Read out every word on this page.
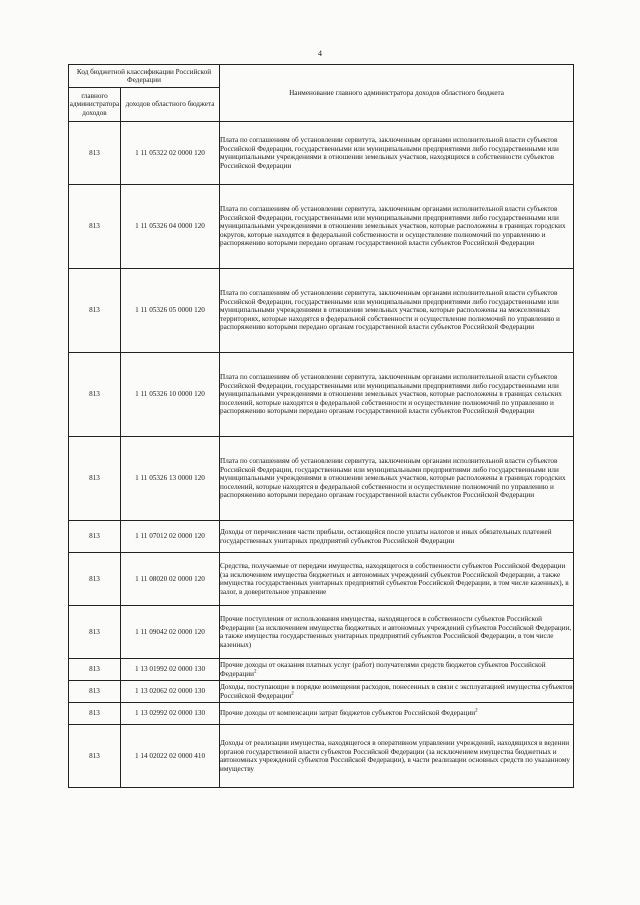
4
Код бюджетной классификации Российской Федерации		Наименование главного администратора доходов областного бюджета
главного администратора доходов	доходов областного бюджета	
813	1 11 05322 02 0000 120	Плата по соглашениям об установлении сервитута, заключенным органами исполнительной власти субъектов Российской Федерации, государственными или муниципальными предприятиями либо государственными или муниципальными учреждениями в отношении земельных участков, находящихся в собственности субъектов Российской Федерации
813	1 11 05326 04 0000 120	Плата по соглашениям об установлении сервитута, заключенным органами исполнительной власти субъектов Российской Федерации, государственными или муниципальными предприятиями либо государственными или муниципальными учреждениями в отношении земельных участков, которые расположены в границах городских округов, которые находятся в федеральной собственности и осуществление полномочий по управлению и распоряжению которыми передано органам государственной власти субъектов Российской Федерации
813	1 11 05326 05 0000 120	Плата по соглашениям об установлении сервитута, заключенным органами исполнительной власти субъектов Российской Федерации, государственными или муниципальными предприятиями либо государственными или муниципальными учреждениями в отношении земельных участков, которые расположены на межселенных территориях, которые находятся в федеральной собственности и осуществление полномочий по управлению и распоряжению которыми передано органам государственной власти субъектов Российской Федерации
813	1 11 05326 10 0000 120	Плата по соглашениям об установлении сервитута, заключенным органами исполнительной власти субъектов Российской Федерации, государственными или муниципальными предприятиями либо государственными или муниципальными учреждениями в отношении земельных участков, которые расположены в границах сельских поселений, которые находятся в федеральной собственности и осуществление полномочий по управлению и распоряжению которыми передано органам государственной власти субъектов Российской Федерации
813	1 11 05326 13 0000 120	Плата по соглашениям об установлении сервитута, заключенным органами исполнительной власти субъектов Российской Федерации, государственными или муниципальными предприятиями либо государственными или муниципальными учреждениями в отношении земельных участков, которые расположены в границах городских поселений, которые находятся в федеральной собственности и осуществление полномочий по управлению и распоряжению которыми передано органам государственной власти субъектов Российской Федерации
813	1 11 07012 02 0000 120	Доходы от перечисления части прибыли, остающейся после уплаты налогов и иных обязательных платежей государственных унитарных предприятий субъектов Российской Федерации
813	1 11 08020 02 0000 120	Средства, получаемые от передачи имущества, находящегося в собственности субъектов Российской Федерации (за исключением имущества бюджетных и автономных учреждений субъектов Российской Федерации, а также имущества государственных унитарных предприятий субъектов Российской Федерации, в том числе казенных), в залог, в доверительное управление
813	1 11 09042 02 0000 120	Прочие поступления от использования имущества, находящегося в собственности субъектов Российской Федерации (за исключением имущества бюджетных и автономных учреждений субъектов Российской Федерации, а также имущества государственных унитарных предприятий субъектов Российской Федерации, в том числе казенных)
813	1 13 01992 02 0000 130	Прочие доходы от оказания платных услуг (работ) получателями средств бюджетов субъектов Российской Федерации$^2$
813	1 13 02062 02 0000 130	Доходы, поступающие в порядке возмещения расходов, понесенных в связи с эксплуатацией имущества субъектов Российской Федерации$^2$
813	1 13 02992 02 0000 130	Прочие доходы от компенсации затрат бюджетов субъектов Российской Федерации$^2$
813	1 14 02022 02 0000 410	Доходы от реализации имущества, находящегося в оперативном управлении учреждений, находящихся в ведении органов государственной власти субъектов Российской Федерации (за исключением имущества бюджетных и автономных учреждений субъектов Российской Федерации), в части реализации основных средств по указанному имуществу
